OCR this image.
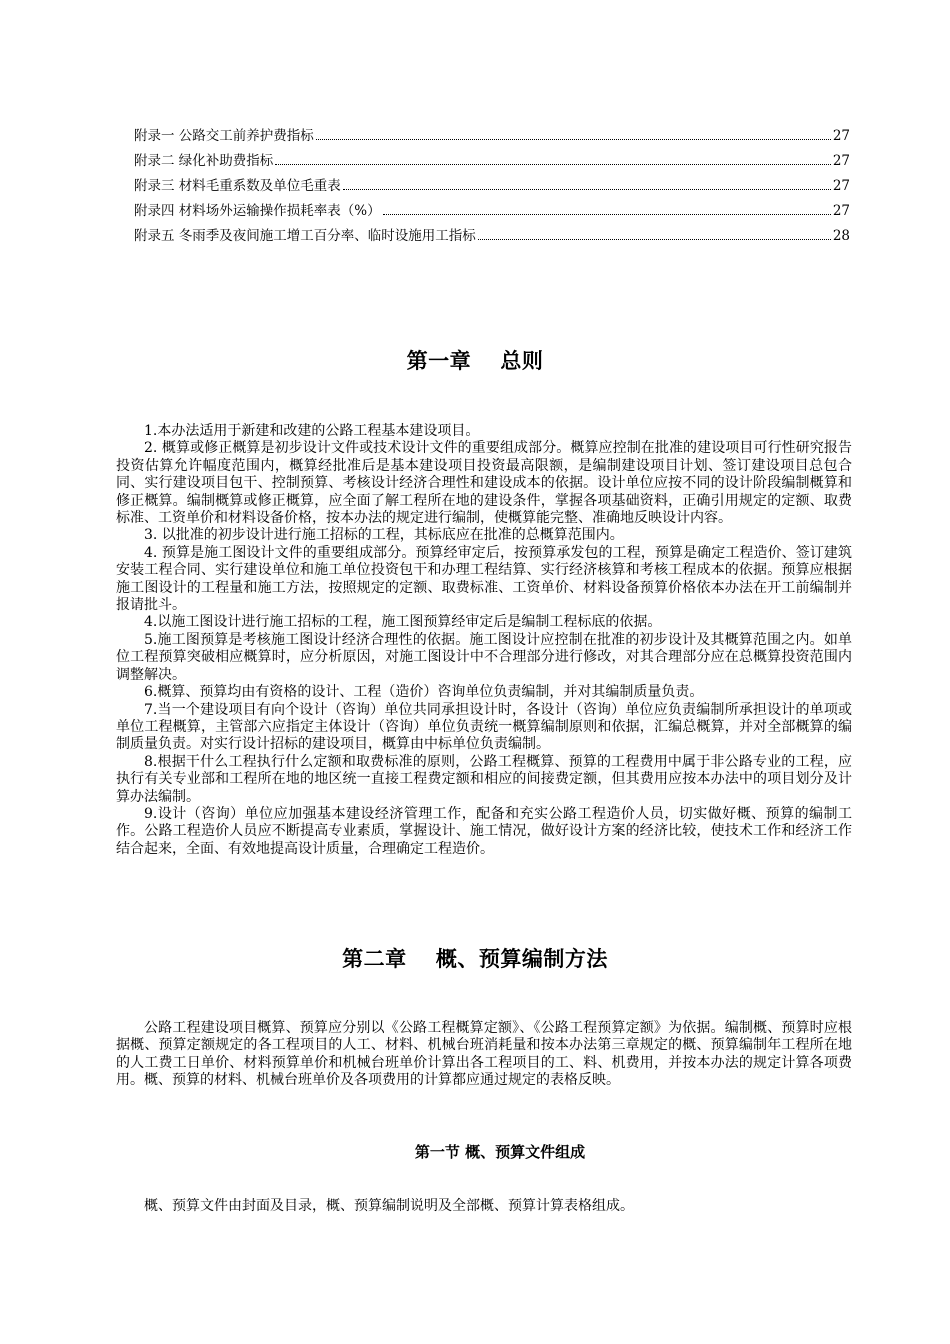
附录一 公路交工前养护费指标	27
附录二 绿化补助费指标	27
附录三 材料毛重系数及单位毛重表	27
附录四 材料场外运输操作损耗率表（%）	27
附录五 冬雨季及夜间施工增工百分率、临时设施用工指标	28
第一章　 总则
1.本办法适用于新建和改建的公路工程基本建设项目。
2. 概算或修正概算是初步设计文件或技术设计文件的重要组成部分。概算应控制在批准的建设项目可行性研究报告投资估算允许幅度范围内，概算经批准后是基本建设项目投资最高限额，是编制建设项目计划、签订建设项目总包合同、实行建设项目包干、控制预算、考核设计经济合理性和建设成本的依据。设计单位应按不同的设计阶段编制概算和修正概算。编制概算或修正概算，应全面了解工程所在地的建设条件，掌握各项基础资料，正确引用规定的定额、取费标准、工资单价和材料设备价格，按本办法的规定进行编制，使概算能完整、准确地反映设计内容。
3. 以批准的初步设计进行施工招标的工程，其标底应在批准的总概算范围内。
4. 预算是施工图设计文件的重要组成部分。预算经审定后，按预算承发包的工程，预算是确定工程造价、签订建筑安装工程合同、实行建设单位和施工单位投资包干和办理工程结算、实行经济核算和考核工程成本的依据。预算应根据施工图设计的工程量和施工方法，按照规定的定额、取费标准、工资单价、材料设备预算价格依本办法在开工前编制并报请批斗。
4.以施工图设计进行施工招标的工程，施工图预算经审定后是编制工程标底的依据。
5.施工图预算是考核施工图设计经济合理性的依据。施工图设计应控制在批准的初步设计及其概算范围之内。如单位工程预算突破相应概算时，应分析原因，对施工图设计中不合理部分进行修改，对其合理部分应在总概算投资范围内调整解决。
6.概算、预算均由有资格的设计、工程（造价）咨询单位负责编制，并对其编制质量负责。
7.当一个建设项目有向个设计（咨询）单位共同承担设计时，各设计（咨询）单位应负责编制所承担设计的单项或单位工程概算，主管部六应指定主体设计（咨询）单位负责统一概算编制原则和依据，汇编总概算，并对全部概算的编制质量负责。对实行设计招标的建设项目，概算由中标单位负责编制。
8.根据干什么工程执行什么定额和取费标准的原则，公路工程概算、预算的工程费用中属于非公路专业的工程，应执行有关专业部和工程所在地的地区统一直接工程费定额和相应的间接费定额，但其费用应按本办法中的项目划分及计算办法编制。
9.设计（咨询）单位应加强基本建设经济管理工作，配备和充实公路工程造价人员，切实做好概、预算的编制工作。公路工程造价人员应不断提高专业素质，掌握设计、施工情况，做好设计方案的经济比较，使技术工作和经济工作结合起来，全面、有效地提高设计质量，合理确定工程造价。
第二章　 概、预算编制方法
公路工程建设项目概算、预算应分别以《公路工程概算定额》、《公路工程预算定额》为依据。编制概、预算时应根据概、预算定额规定的各工程项目的人工、材料、机械台班消耗量和按本办法第三章规定的概、预算编制年工程所在地的人工费工日单价、材料预算单价和机械台班单价计算出各工程项目的工、料、机费用，并按本办法的规定计算各项费用。概、预算的材料、机械台班单价及各项费用的计算都应通过规定的表格反映。
第一节 概、预算文件组成
概、预算文件由封面及目录，概、预算编制说明及全部概、预算计算表格组成。
